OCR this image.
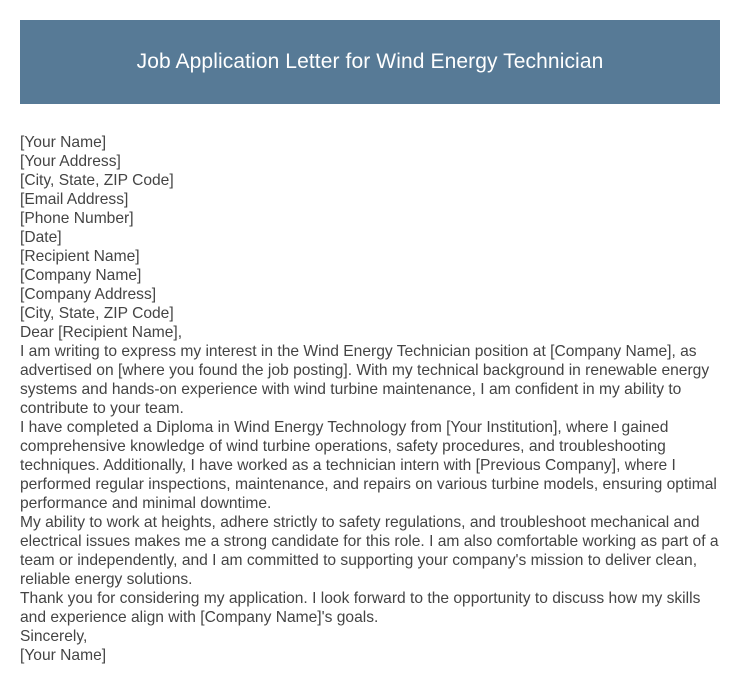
Job Application Letter for Wind Energy Technician
[Your Name]
[Your Address]
[City, State, ZIP Code]
[Email Address]
[Phone Number]
[Date]
[Recipient Name]
[Company Name]
[Company Address]
[City, State, ZIP Code]
Dear [Recipient Name],
I am writing to express my interest in the Wind Energy Technician position at [Company Name], as advertised on [where you found the job posting]. With my technical background in renewable energy systems and hands-on experience with wind turbine maintenance, I am confident in my ability to contribute to your team.
I have completed a Diploma in Wind Energy Technology from [Your Institution], where I gained comprehensive knowledge of wind turbine operations, safety procedures, and troubleshooting techniques. Additionally, I have worked as a technician intern with [Previous Company], where I performed regular inspections, maintenance, and repairs on various turbine models, ensuring optimal performance and minimal downtime.
My ability to work at heights, adhere strictly to safety regulations, and troubleshoot mechanical and electrical issues makes me a strong candidate for this role. I am also comfortable working as part of a team or independently, and I am committed to supporting your company's mission to deliver clean, reliable energy solutions.
Thank you for considering my application. I look forward to the opportunity to discuss how my skills and experience align with [Company Name]'s goals.
Sincerely,
[Your Name]
